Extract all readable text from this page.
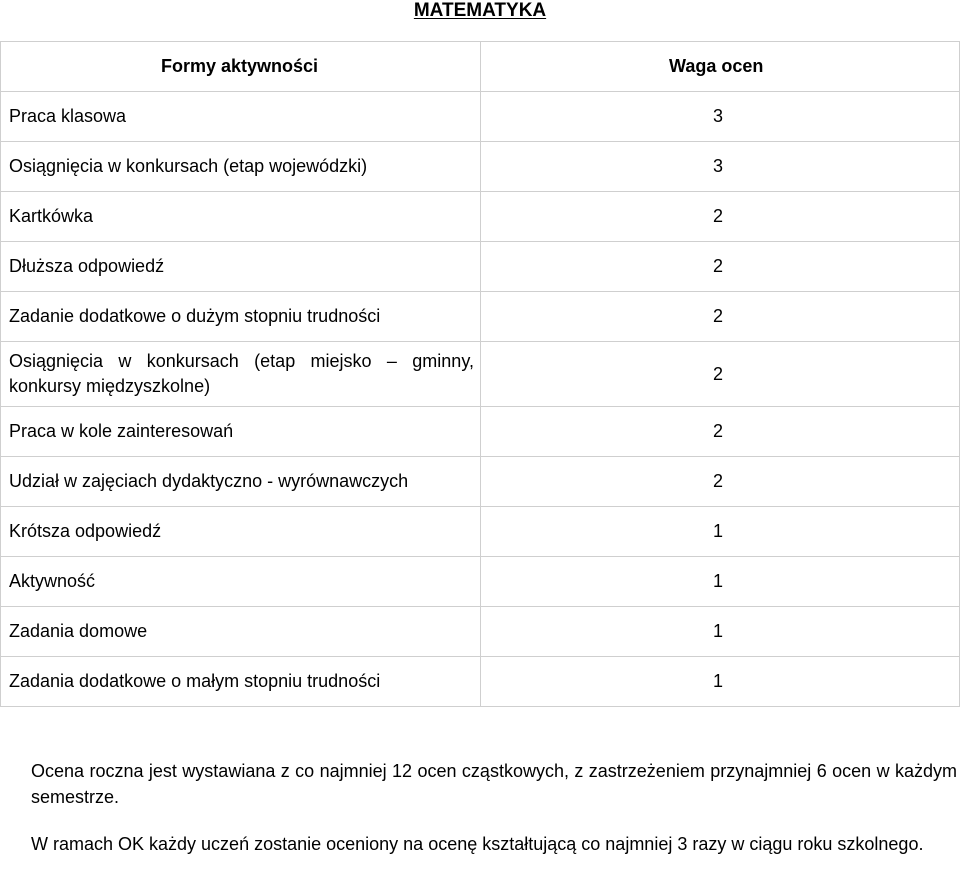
MATEMATYKA
Formy aktywności	Waga ocen
Praca klasowa	3
Osiągnięcia w konkursach (etap wojewódzki)	3
Kartkówka	2
Dłuższa odpowiedź	2
Zadanie dodatkowe o dużym stopniu trudności	2
Osiągnięcia w konkursach (etap miejsko – gminny, konkursy międzyszkolne)	2
Praca w kole zainteresowań	2
Udział w zajęciach dydaktyczno - wyrównawczych	2
Krótsza odpowiedź	1
Aktywność	1
Zadania domowe	1
Zadania dodatkowe o małym stopniu trudności	1

Ocena roczna jest wystawiana z co najmniej 12 ocen cząstkowych, z zastrzeżeniem przynajmniej 6 ocen w każdym semestrze.

W ramach OK każdy uczeń zostanie oceniony na ocenę kształtującą co najmniej 3 razy w ciągu roku szkolnego.
